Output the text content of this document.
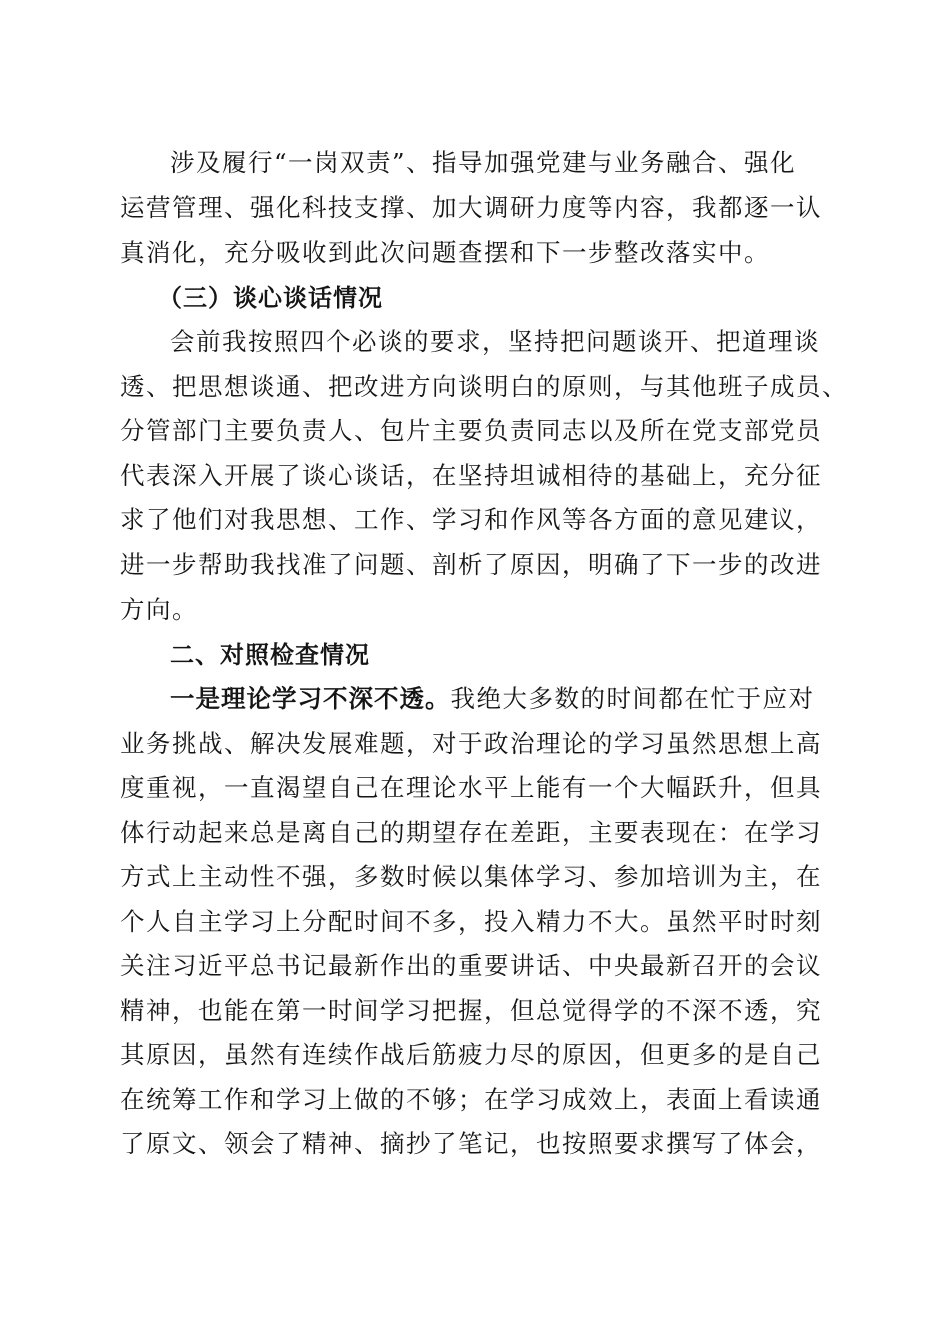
涉及履行“一岗双责”、指导加强党建与业务融合、强化
运营管理、强化科技支撑、加大调研力度等内容，我都逐一认
真消化，充分吸收到此次问题查摆和下一步整改落实中。
（三）谈心谈话情况
会前我按照四个必谈的要求，坚持把问题谈开、把道理谈
透、把思想谈通、把改进方向谈明白的原则，与其他班子成员、
分管部门主要负责人、包片主要负责同志以及所在党支部党员
代表深入开展了谈心谈话，在坚持坦诚相待的基础上，充分征
求了他们对我思想、工作、学习和作风等各方面的意见建议，
进一步帮助我找准了问题、剖析了原因，明确了下一步的改进
方向。
二、对照检查情况
一是理论学习不深不透。我绝大多数的时间都在忙于应对
业务挑战、解决发展难题，对于政治理论的学习虽然思想上高
度重视，一直渴望自己在理论水平上能有一个大幅跃升，但具
体行动起来总是离自己的期望存在差距，主要表现在：在学习
方式上主动性不强，多数时候以集体学习、参加培训为主，在
个人自主学习上分配时间不多，投入精力不大。虽然平时时刻
关注习近平总书记最新作出的重要讲话、中央最新召开的会议
精神，也能在第一时间学习把握，但总觉得学的不深不透，究
其原因，虽然有连续作战后筋疲力尽的原因，但更多的是自己
在统筹工作和学习上做的不够；在学习成效上，表面上看读通
了原文、领会了精神、摘抄了笔记，也按照要求撰写了体会，
